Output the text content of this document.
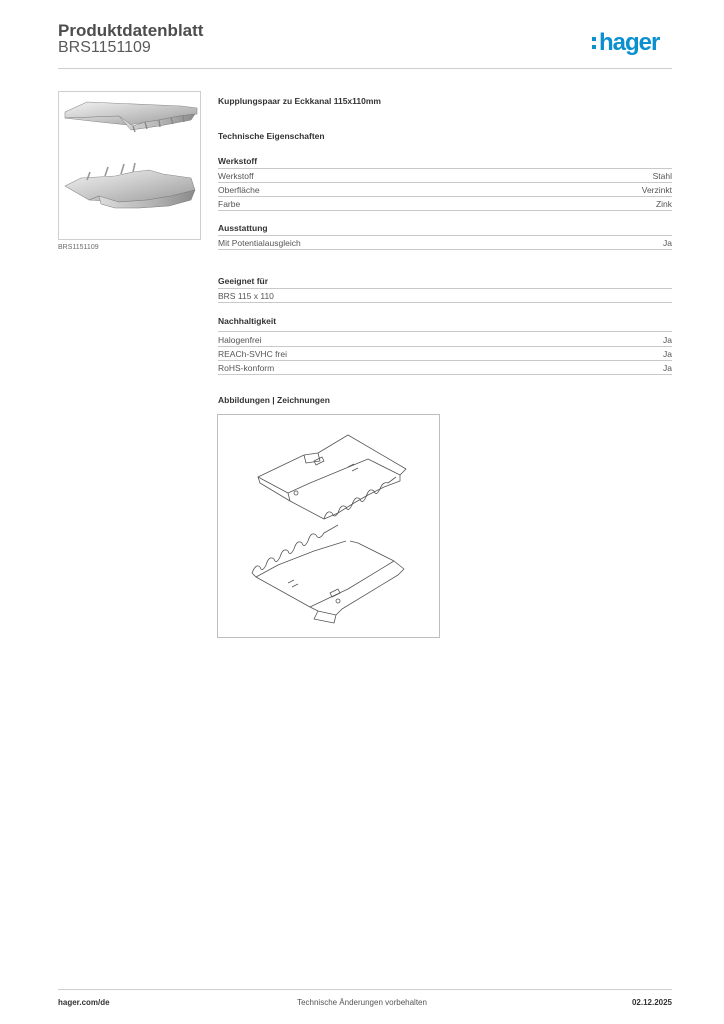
Produktdatenblatt
BRS1151109	hager
BRS1151109
Kupplungspaar zu Eckkanal 115x110mm
Technische Eigenschaften
Werkstoff
Werkstoff	Stahl
Oberfläche	Verzinkt
Farbe	Zink
Ausstattung
Mit Potentialausgleich	Ja
Geeignet für
BRS 115 x 110
Nachhaltigkeit
Halogenfrei	Ja
REACh-SVHC frei	Ja
RoHS-konform	Ja
Abbildungen | Zeichnungen
hager.com/de	Technische Änderungen vorbehalten	02.12.2025
